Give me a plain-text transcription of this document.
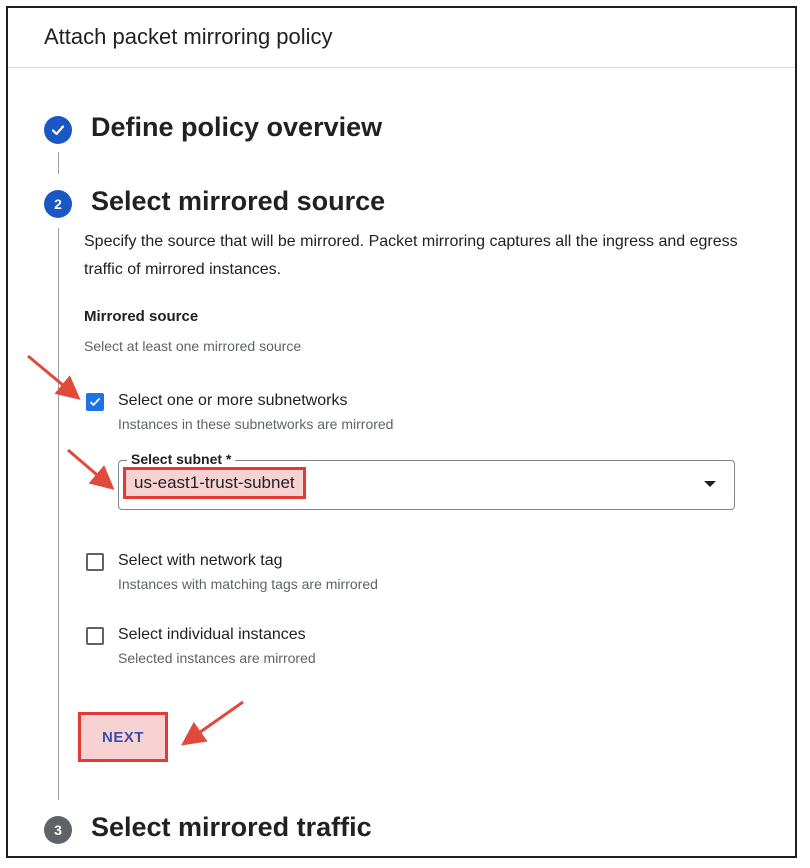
Attach packet mirroring policy
Define policy overview
2	Select mirrored source
Specify the source that will be mirrored. Packet mirroring captures all the ingress and egress traffic of mirrored instances.
Mirrored source
Select at least one mirrored source
Select one or more subnetworks
Instances in these subnetworks are mirrored
Select subnet *
us-east1-trust-subnet
Select with network tag
Instances with matching tags are mirrored
Select individual instances
Selected instances are mirrored
NEXT
3	Select mirrored traffic
